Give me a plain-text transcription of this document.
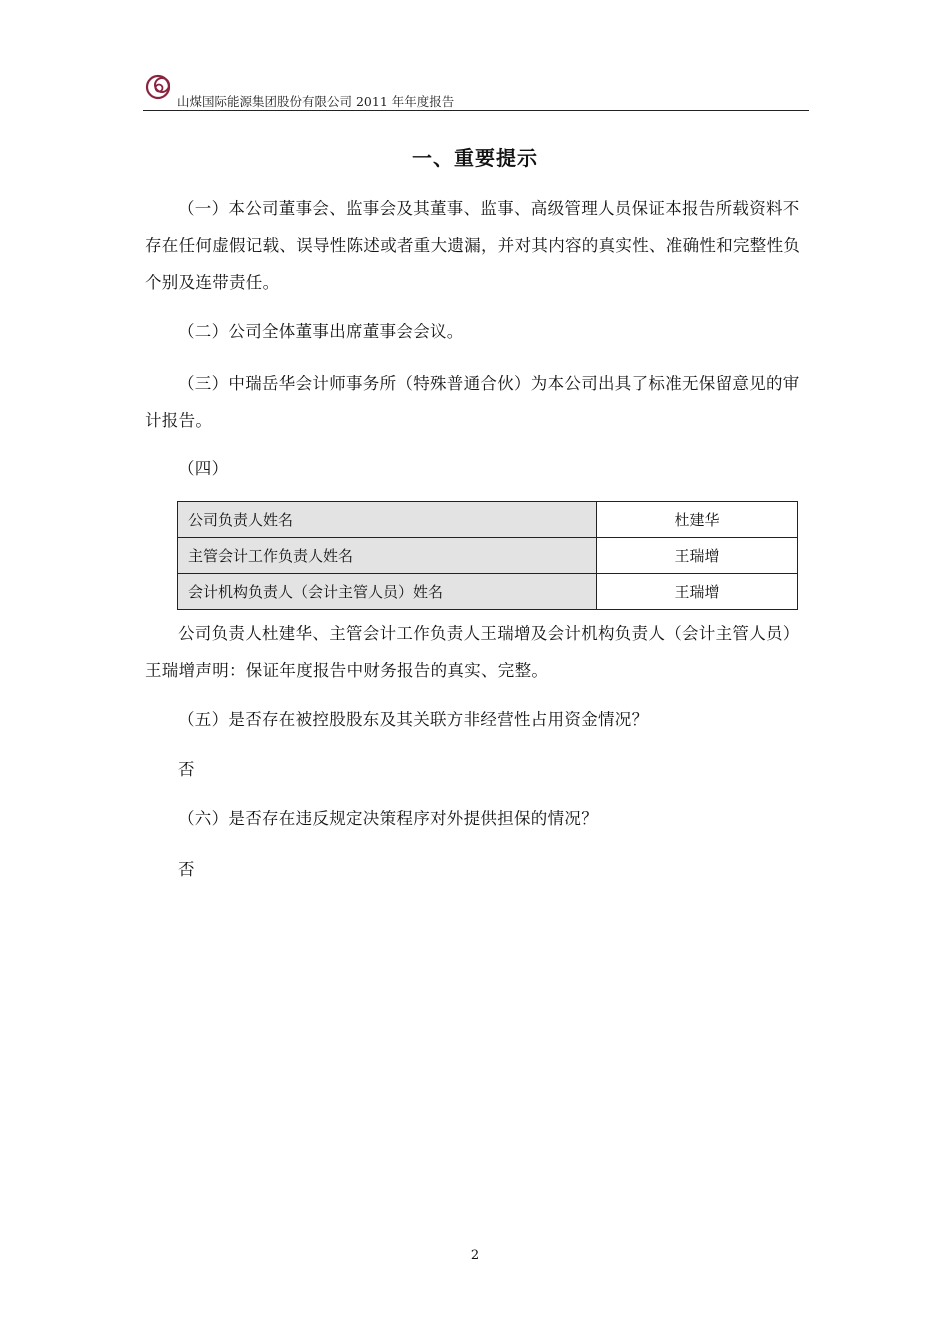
山煤国际能源集团股份有限公司 2011 年年度报告
一、重要提示

（一）本公司董事会、监事会及其董事、监事、高级管理人员保证本报告所载资料不存在任何虚假记载、误导性陈述或者重大遗漏，并对其内容的真实性、准确性和完整性负个别及连带责任。

（二）公司全体董事出席董事会会议。

（三）中瑞岳华会计师事务所（特殊普通合伙）为本公司出具了标准无保留意见的审计报告。

（四）

公司负责人姓名	杜建华
主管会计工作负责人姓名	王瑞增
会计机构负责人（会计主管人员）姓名	王瑞增

公司负责人杜建华、主管会计工作负责人王瑞增及会计机构负责人（会计主管人员）王瑞增声明：保证年度报告中财务报告的真实、完整。

（五）是否存在被控股股东及其关联方非经营性占用资金情况？

否

（六）是否存在违反规定决策程序对外提供担保的情况？

否

2
